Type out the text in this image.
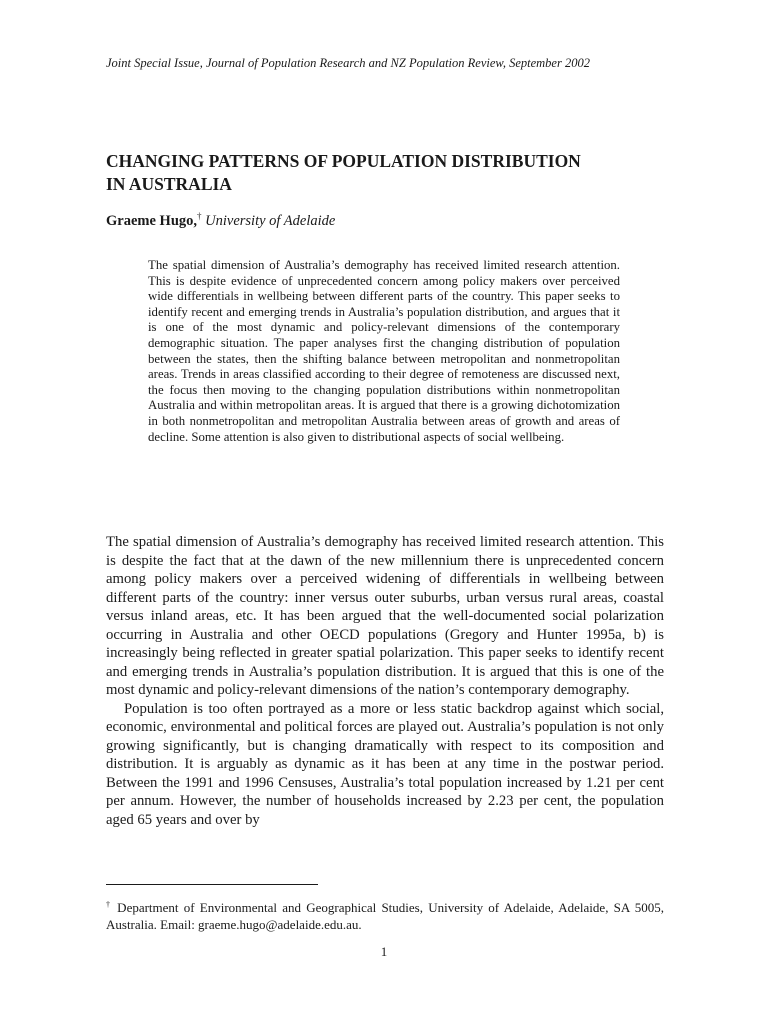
Joint Special Issue, Journal of Population Research and NZ Population Review, September 2002
CHANGING PATTERNS OF POPULATION DISTRIBUTION
IN AUSTRALIA
Graeme Hugo,† University of Adelaide

The spatial dimension of Australia’s demography has received limited research attention. This is despite evidence of unprecedented concern among policy makers over perceived wide differentials in wellbeing between different parts of the country. This paper seeks to identify recent and emerging trends in Australia’s population distribution, and argues that it is one of the most dynamic and policy-relevant dimensions of the contemporary demographic situation. The paper analyses first the changing distribution of population between the states, then the shifting balance between metropolitan and nonmetropolitan areas. Trends in areas classified according to their degree of remoteness are discussed next, the focus then moving to the changing population distributions within nonmetropolitan Australia and within metropolitan areas. It is argued that there is a growing dichotomization in both nonmetropolitan and metropolitan Australia between areas of growth and areas of decline. Some attention is also given to distributional aspects of social wellbeing.

The spatial dimension of Australia’s demography has received limited research attention. This is despite the fact that at the dawn of the new millennium there is unprecedented concern among policy makers over a perceived widening of differentials in wellbeing between different parts of the country: inner versus outer suburbs, urban versus rural areas, coastal versus inland areas, etc. It has been argued that the well-documented social polarization occurring in Australia and other OECD populations (Gregory and Hunter 1995a, b) is increasingly being reflected in greater spatial polarization. This paper seeks to identify recent and emerging trends in Australia’s population distribution. It is argued that this is one of the most dynamic and policy-relevant dimensions of the nation’s contemporary demography.

Population is too often portrayed as a more or less static backdrop against which social, economic, environmental and political forces are played out. Australia’s population is not only growing significantly, but is changing dramatically with respect to its composition and distribution. It is arguably as dynamic as it has been at any time in the postwar period. Between the 1991 and 1996 Censuses, Australia’s total population increased by 1.21 per cent per annum. However, the number of households increased by 2.23 per cent, the population aged 65 years and over by

† Department of Environmental and Geographical Studies, University of Adelaide, Adelaide, SA 5005, Australia. Email: graeme.hugo@adelaide.edu.au.

1
